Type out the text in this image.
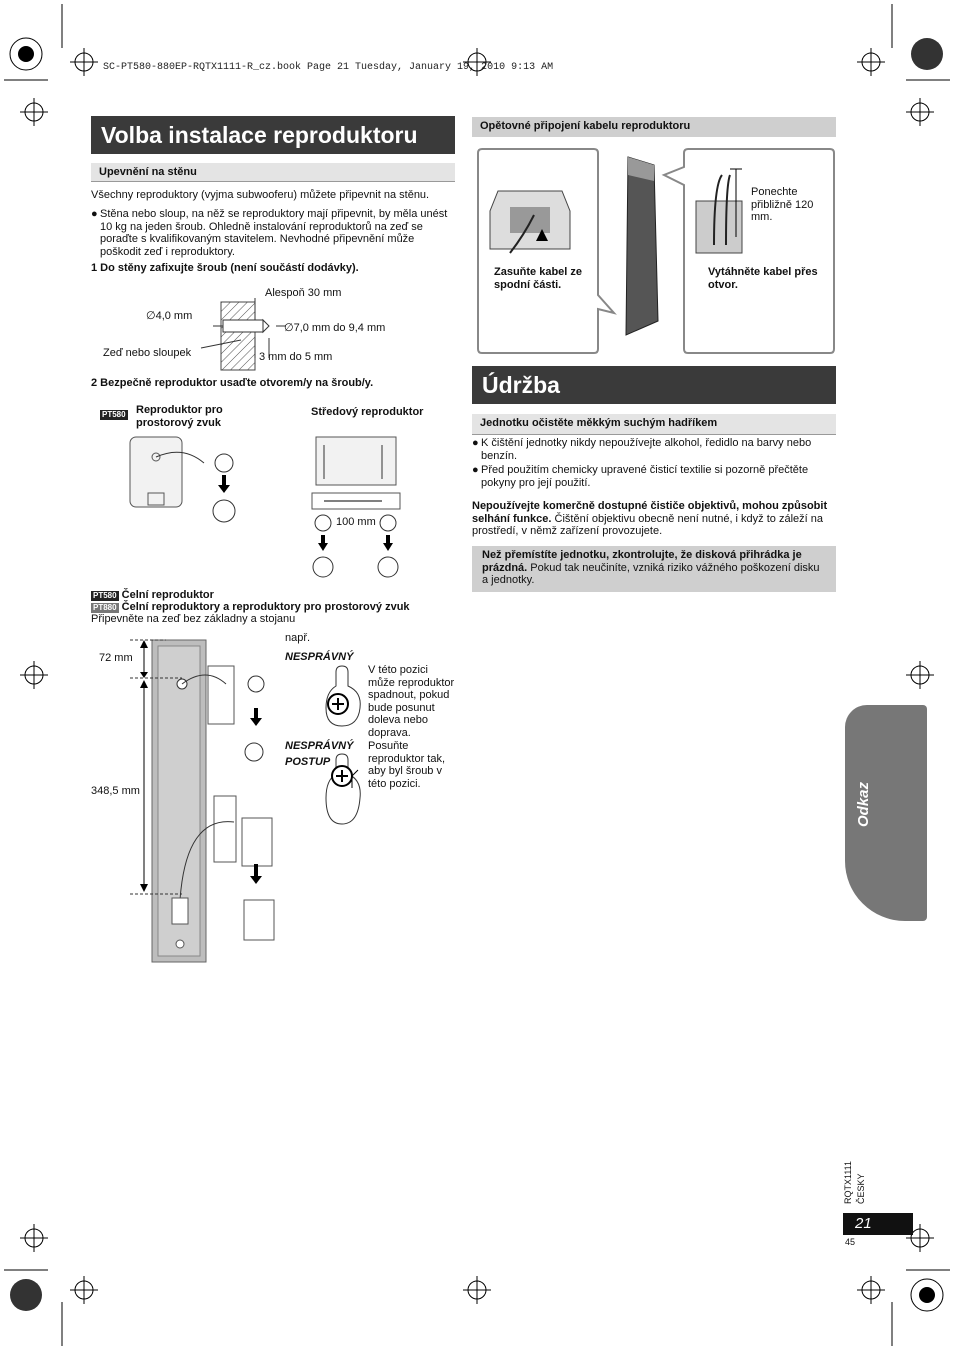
SC-PT580-880EP-RQTX1111-R_cz.book Page 21 Tuesday, January 19, 2010 9:13 AM
Volba instalace reproduktoru
Upevnění na stěnu
Všechny reproduktory (vyjma subwooferu) můžete připevnit na stěnu.
● Stěna nebo sloup, na něž se reproduktory mají připevnit, by měla unést 10 kg na jeden šroub. Ohledně instalování reproduktorů na zeď se poraďte s kvalifikovaným stavitelem. Nevhodné připevnění může poškodit zeď i reproduktory.
1 Do stěny zafixujte šroub (není součástí dodávky).
Alespoň 30 mm
∅4,0 mm
∅7,0 mm do 9,4 mm
Zeď nebo sloupek	3 mm do 5 mm
2 Bezpečně reproduktor usaďte otvorem/y na šroub/y.
PT580 Reproduktor pro prostorový zvuk
Středový reproduktor
100 mm
PT580 Čelní reproduktor
PT880 Čelní reproduktory a reproduktory pro prostorový zvuk
Připevněte na zeď bez základny a stojanu
72 mm
348,5 mm
např.
NESPRÁVNÝ
V této pozici může reproduktor spadnout, pokud bude posunut doleva nebo doprava.
NESPRÁVNÝ
POSTUP
Posuňte reproduktor tak, aby byl šroub v této pozici.
Opětovné připojení kabelu reproduktoru
Zasuňte kabel ze spodní části.
Vytáhněte kabel přes otvor.
Ponechte přibližně 120 mm.
Údržba
Jednotku očistěte měkkým suchým hadříkem
● K čištění jednotky nikdy nepoužívejte alkohol, ředidlo na barvy nebo benzín.
● Před použitím chemicky upravené čisticí textilie si pozorně přečtěte pokyny pro její použití.
Nepoužívejte komerčně dostupné čističe objektivů, mohou způsobit selhání funkce. Čištění objektivu obecně není nutné, i když to záleží na prostředí, v němž zařízení provozujete.
Než přemístíte jednotku, zkontrolujte, že disková přihrádka je prázdná. Pokud tak neučiníte, vzniká riziko vážného poškození disku a jednotky.
Odkaz
RQTX1111 ČESKY
21
45
